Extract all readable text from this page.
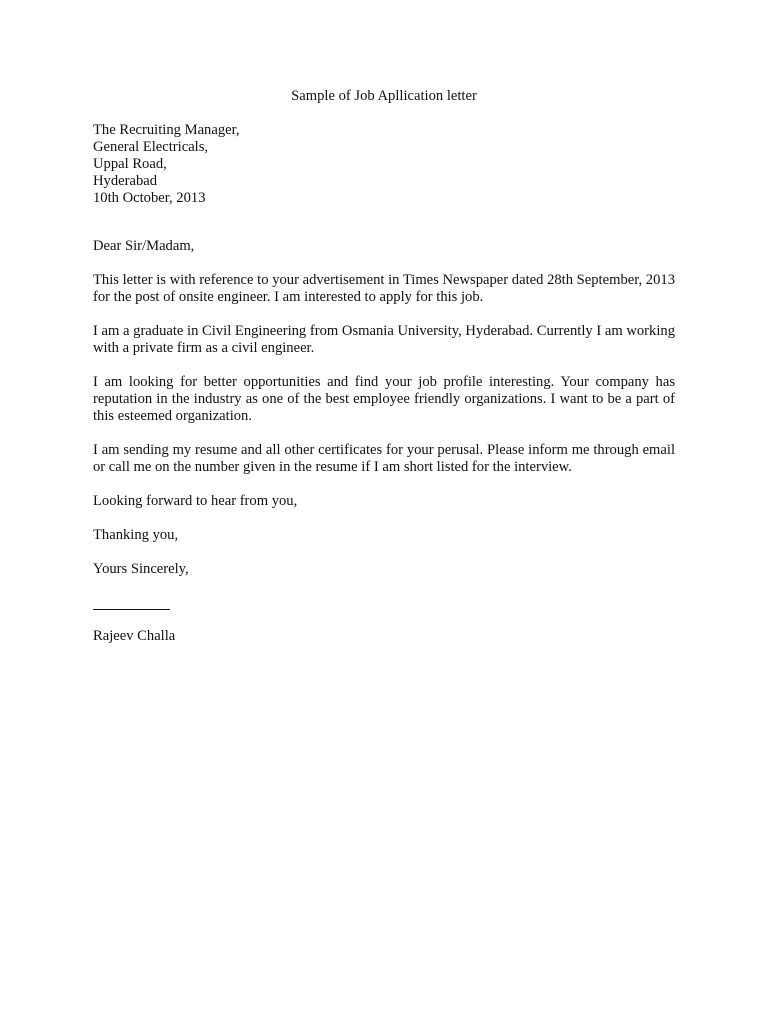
Sample of Job Apllication letter
The Recruiting Manager,
General Electricals,
Uppal Road,
Hyderabad
10th October, 2013

Dear Sir/Madam,

This letter is with reference to your advertisement in Times Newspaper dated 28th September, 2013 for the post of onsite engineer. I am interested to apply for this job.

I am a graduate in Civil Engineering from Osmania University, Hyderabad. Currently I am working with a private firm as a civil engineer.

I am looking for better opportunities and find your job profile interesting. Your company has reputation in the industry as one of the best employee friendly organizations. I want to be a part of this esteemed organization.

I am sending my resume and all other certificates for your perusal. Please inform me through email or call me on the number given in the resume if I am short listed for the interview.

Looking forward to hear from you,

Thanking you,

Yours Sincerely,

Rajeev Challa
